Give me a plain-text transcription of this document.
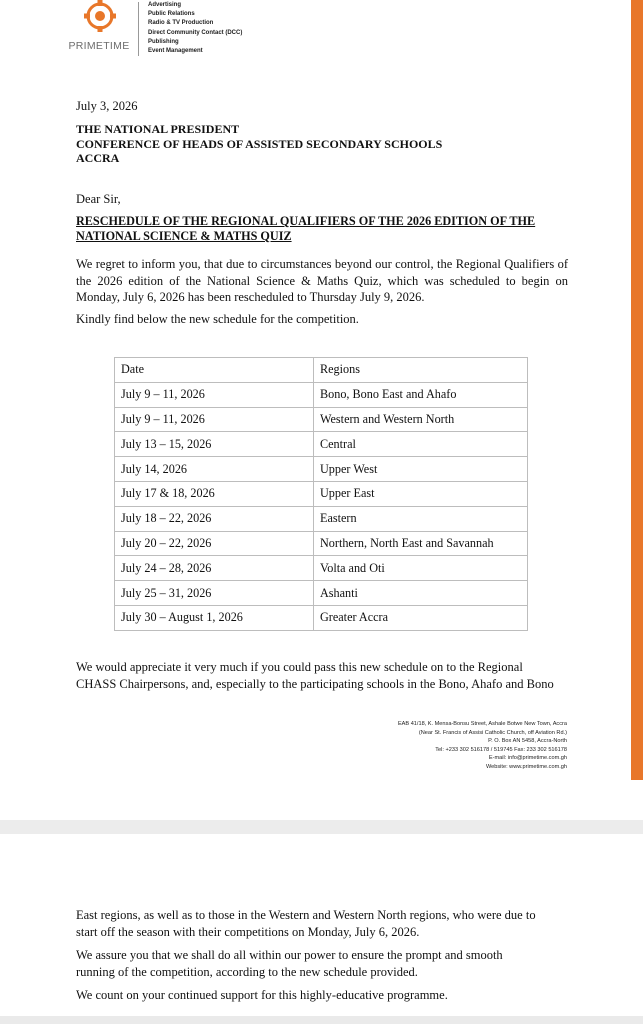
PRIMETIME
Advertising
Public Relations
Radio & TV Production
Direct Community Contact (DCC)
Publishing
Event Management
July 3, 2026
THE NATIONAL PRESIDENT
CONFERENCE OF HEADS OF ASSISTED SECONDARY SCHOOLS
ACCRA
Dear Sir,
RESCHEDULE OF THE REGIONAL QUALIFIERS OF THE 2026 EDITION OF THE
NATIONAL SCIENCE & MATHS QUIZ
We regret to inform you, that due to circumstances beyond our control, the Regional Qualifiers of the 2026 edition of the National Science & Maths Quiz, which was scheduled to begin on Monday, July 6, 2026 has been rescheduled to Thursday July 9, 2026.
Kindly find below the new schedule for the competition.
Date	Regions
July 9 – 11, 2026	Bono, Bono East and Ahafo
July 9 – 11, 2026	Western and Western North
July 13 – 15, 2026	Central
July 14, 2026	Upper West
July 17 & 18, 2026	Upper East
July 18 – 22, 2026	Eastern
July 20 – 22, 2026	Northern, North East and Savannah
July 24 – 28, 2026	Volta and Oti
July 25 – 31, 2026	Ashanti
July 30 – August 1, 2026	Greater Accra
We would appreciate it very much if you could pass this new schedule on to the Regional
CHASS Chairpersons, and, especially to the participating schools in the Bono, Ahafo and Bono
EAB 41/18, K. Mensa-Bonsu Street, Ashale Botwe New Town, Accra
(Near St. Francis of Assisi Catholic Church, off Aviation Rd.)
P. O. Box AN 5458, Accra-North
Tel: +233 302 516178 / 519745 Fax: 233 302 516178
E-mail: info@primetime.com.gh
Website: www.primetime.com.gh
East regions, as well as to those in the Western and Western North regions, who were due to
start off the season with their competitions on Monday, July 6, 2026.
We assure you that we shall do all within our power to ensure the prompt and smooth
running of the competition, according to the new schedule provided.
We count on your continued support for this highly-educative programme.
